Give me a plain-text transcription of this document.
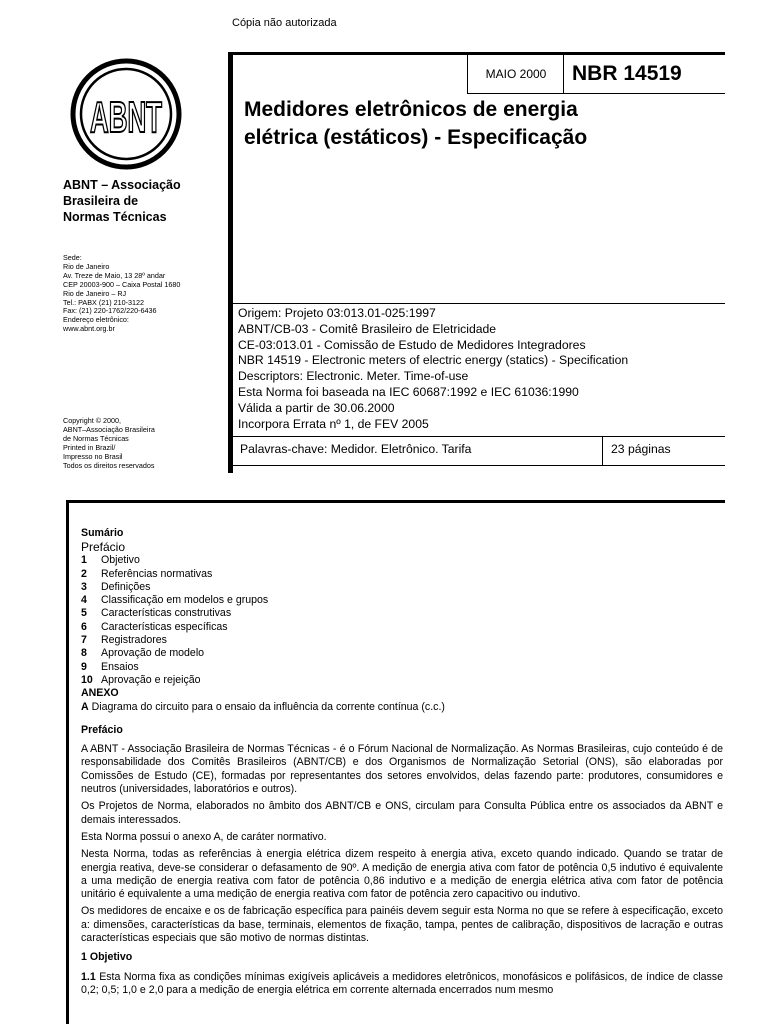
Cópia não autorizada
ABNT
ABNT – Associação
Brasileira de
Normas Técnicas
Sede:
Rio de Janeiro
Av. Treze de Maio, 13 28º andar
CEP 20003-900 – Caixa Postal 1680
Rio de Janeiro – RJ
Tel.: PABX (21) 210-3122
Fax: (21) 220-1762/220-6436
Endereço eletrônico:
www.abnt.org.br
Copyright © 2000,
ABNT–Associação Brasileira
de Normas Técnicas
Printed in Brazil/
Impresso no Brasil
Todos os direitos reservados
MAIO 2000	NBR 14519
Medidores eletrônicos de energia
elétrica (estáticos) - Especificação
Origem: Projeto 03:013.01-025:1997
ABNT/CB-03 - Comitê Brasileiro de Eletricidade
CE-03:013.01 - Comissão de Estudo de Medidores Integradores
NBR 14519 - Electronic meters of electric energy (statics) - Specification
Descriptors: Electronic. Meter. Time-of-use
Esta Norma foi baseada na IEC 60687:1992 e IEC 61036:1990
Válida a partir de 30.06.2000
Incorpora Errata nº 1, de FEV 2005
Palavras-chave: Medidor. Eletrônico. Tarifa	23 páginas
Sumário
Prefácio
1	Objetivo
2	Referências normativas
3	Definições
4	Classificação em modelos e grupos
5	Características construtivas
6	Características específicas
7	Registradores
8	Aprovação de modelo
9	Ensaios
10 Aprovação e rejeição
ANEXO
A Diagrama do circuito para o ensaio da influência da corrente contínua (c.c.)
Prefácio

A ABNT - Associação Brasileira de Normas Técnicas - é o Fórum Nacional de Normalização. As Normas Brasileiras, cujo conteúdo é de responsabilidade dos Comitês Brasileiros (ABNT/CB) e dos Organismos de Normalização Setorial (ONS), são elaboradas por Comissões de Estudo (CE), formadas por representantes dos setores envolvidos, delas fazendo parte: produtores, consumidores e neutros (universidades, laboratórios e outros).

Os Projetos de Norma, elaborados no âmbito dos ABNT/CB e ONS, circulam para Consulta Pública entre os associados da ABNT e demais interessados.

Esta Norma possui o anexo A, de caráter normativo.

Nesta Norma, todas as referências à energia elétrica dizem respeito à energia ativa, exceto quando indicado. Quando se tratar de energia reativa, deve-se considerar o defasamento de 90º. A medição de energia ativa com fator de potência 0,5 indutivo é equivalente a uma medição de energia reativa com fator de potência 0,86 indutivo e a medição de energia elétrica ativa com fator de potência unitário é equivalente a uma medição de energia reativa com fator de potência zero capacitivo ou indutivo.

Os medidores de encaixe e os de fabricação específica para painéis devem seguir esta Norma no que se refere à especificação, exceto a: dimensões, características da base, terminais, elementos de fixação, tampa, pentes de calibração, dispositivos de lacração e outras características especiais que são motivo de normas distintas.

1 Objetivo

1.1 Esta Norma fixa as condições mínimas exigíveis aplicáveis a medidores eletrônicos, monofásicos e polifásicos, de índice de classe 0,2; 0,5; 1,0 e 2,0 para a medição de energia elétrica em corrente alternada encerrados num mesmo
